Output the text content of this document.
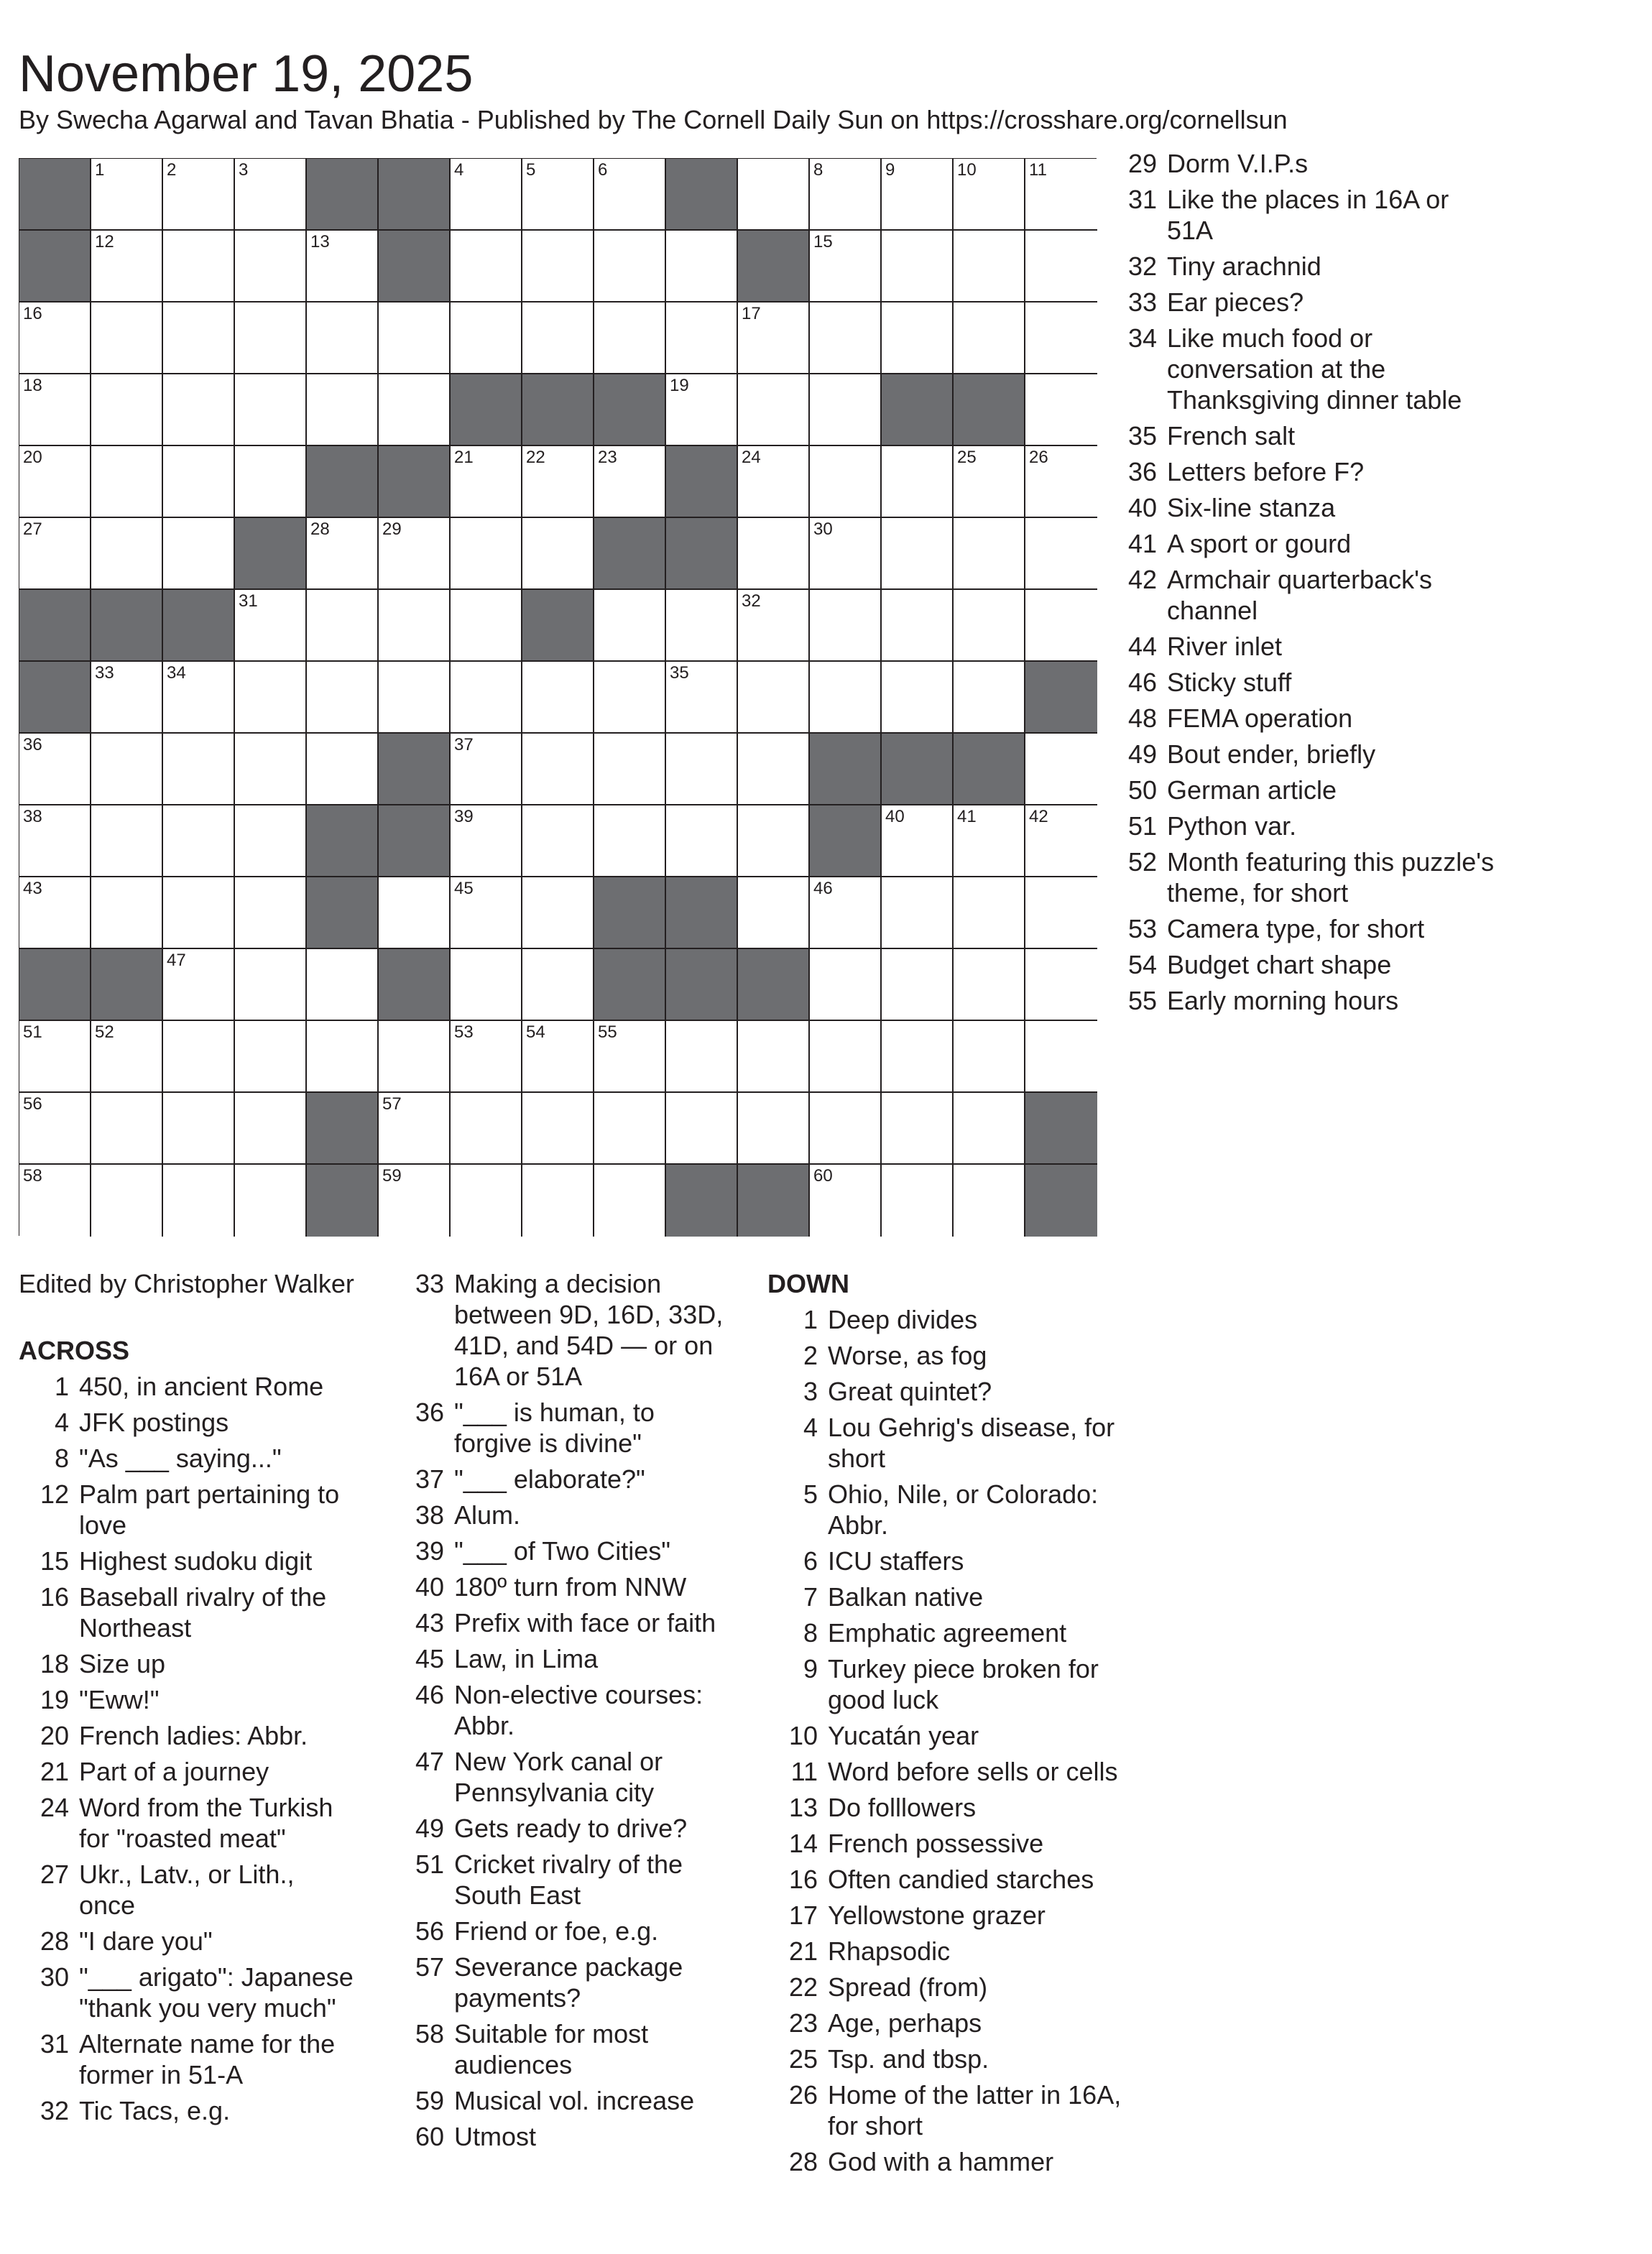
November 19, 2025
By Swecha Agarwal and Tavan Bhatia - Published by The Cornell Daily Sun on https://crosshare.org/cornellsun
1	2	3	4	5	6	8	9	10	11
12	13	15
16	17
18	19
20	21	22	23	24	25	26
27	28	29	30
31	32
33	34	35
36	37
38	39	40	41	42
43	45	46
47
51	52	53	54	55
56	57
58	59	60
29 Dorm V.I.P.s
31 Like the places in 16A or 51A
32 Tiny arachnid
33 Ear pieces?
34 Like much food or conversation at the Thanksgiving dinner table
35 French salt
36 Letters before F?
40 Six-line stanza
41 A sport or gourd
42 Armchair quarterback's channel
44 River inlet
46 Sticky stuff
48 FEMA operation
49 Bout ender, briefly
50 German article
51 Python var.
52 Month featuring this puzzle's theme, for short
53 Camera type, for short
54 Budget chart shape
55 Early morning hours
Edited by Christopher Walker
ACROSS
1 450, in ancient Rome
4 JFK postings
8 "As ___ saying..."
12 Palm part pertaining to love
15 Highest sudoku digit
16 Baseball rivalry of the Northeast
18 Size up
19 "Eww!"
20 French ladies: Abbr.
21 Part of a journey
24 Word from the Turkish for "roasted meat"
27 Ukr., Latv., or Lith., once
28 "I dare you"
30 "___ arigato": Japanese "thank you very much"
31 Alternate name for the former in 51-A
32 Tic Tacs, e.g.
33 Making a decision between 9D, 16D, 33D, 41D, and 54D — or on 16A or 51A
36 "___ is human, to forgive is divine"
37 "___ elaborate?"
38 Alum.
39 "___ of Two Cities"
40 180º turn from NNW
43 Prefix with face or faith
45 Law, in Lima
46 Non-elective courses: Abbr.
47 New York canal or Pennsylvania city
49 Gets ready to drive?
51 Cricket rivalry of the South East
56 Friend or foe, e.g.
57 Severance package payments?
58 Suitable for most audiences
59 Musical vol. increase
60 Utmost
DOWN
1 Deep divides
2 Worse, as fog
3 Great quintet?
4 Lou Gehrig's disease, for short
5 Ohio, Nile, or Colorado: Abbr.
6 ICU staffers
7 Balkan native
8 Emphatic agreement
9 Turkey piece broken for good luck
10 Yucatán year
11 Word before sells or cells
13 Do folllowers
14 French possessive
16 Often candied starches
17 Yellowstone grazer
21 Rhapsodic
22 Spread (from)
23 Age, perhaps
25 Tsp. and tbsp.
26 Home of the latter in 16A, for short
28 God with a hammer
